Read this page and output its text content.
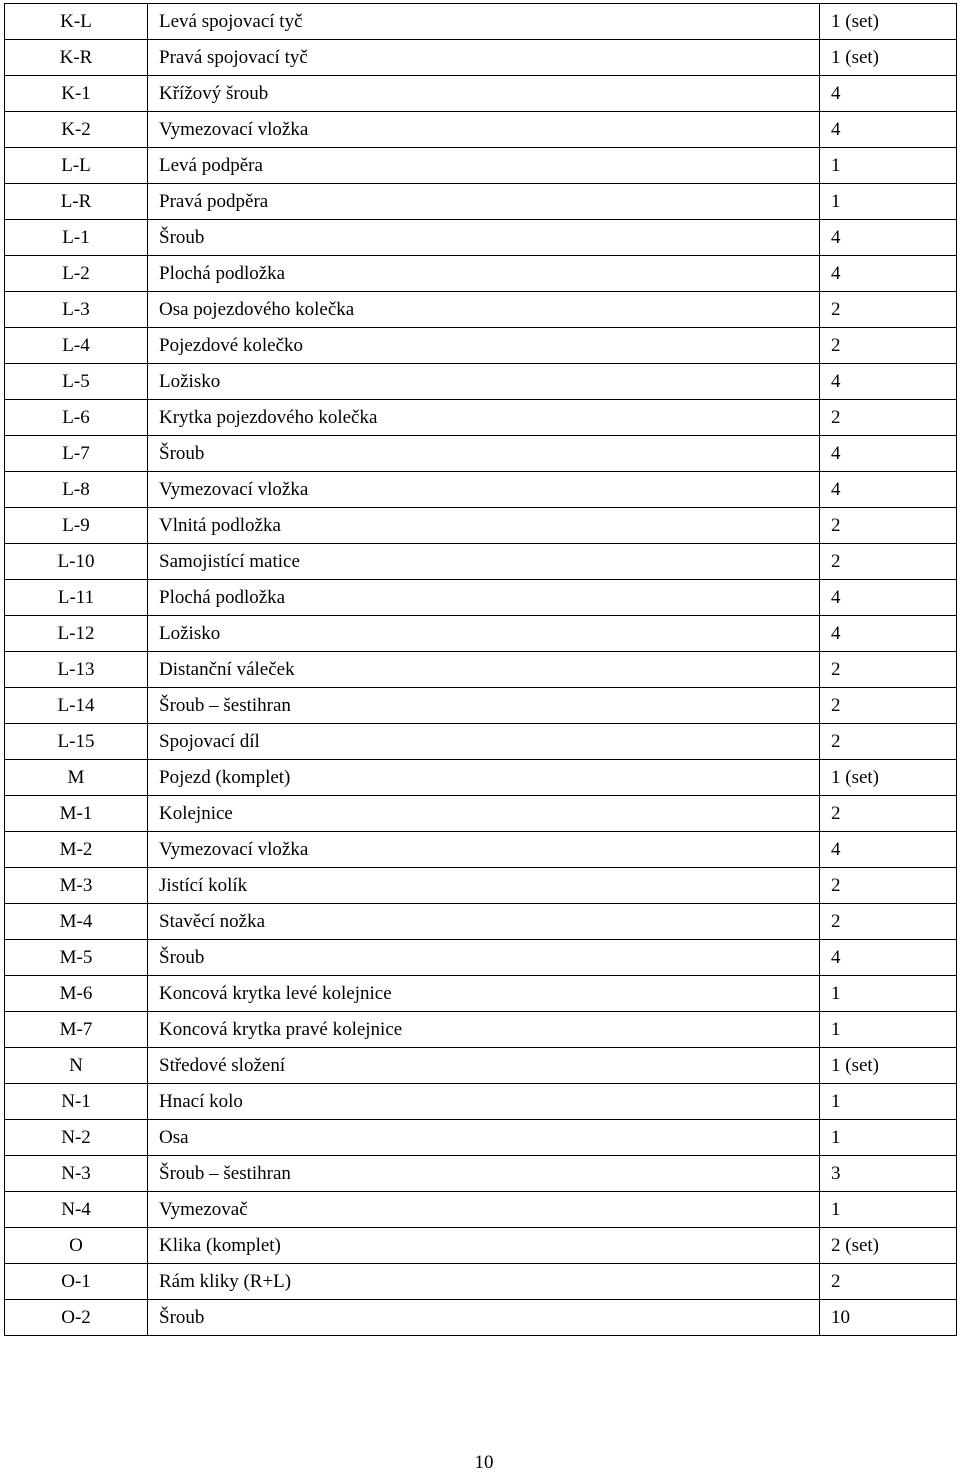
K-L	Levá spojovací tyč	1 (set)
K-R	Pravá spojovací tyč	1 (set)
K-1	Křížový šroub	4
K-2	Vymezovací vložka	4
L-L	Levá podpěra	1
L-R	Pravá podpěra	1
L-1	Šroub	4
L-2	Plochá podložka	4
L-3	Osa pojezdového kolečka	2
L-4	Pojezdové kolečko	2
L-5	Ložisko	4
L-6	Krytka pojezdového kolečka	2
L-7	Šroub	4
L-8	Vymezovací vložka	4
L-9	Vlnitá podložka	2
L-10	Samojistící matice	2
L-11	Plochá podložka	4
L-12	Ložisko	4
L-13	Distanční váleček	2
L-14	Šroub – šestihran	2
L-15	Spojovací díl	2
M	Pojezd (komplet)	1 (set)
M-1	Kolejnice	2
M-2	Vymezovací vložka	4
M-3	Jistící kolík	2
M-4	Stavěcí nožka	2
M-5	Šroub	4
M-6	Koncová krytka levé kolejnice	1
M-7	Koncová krytka pravé kolejnice	1
N	Středové složení	1 (set)
N-1	Hnací kolo	1
N-2	Osa	1
N-3	Šroub – šestihran	3
N-4	Vymezovač	1
O	Klika (komplet)	2 (set)
O-1	Rám kliky (R+L)	2
O-2	Šroub	10
10
